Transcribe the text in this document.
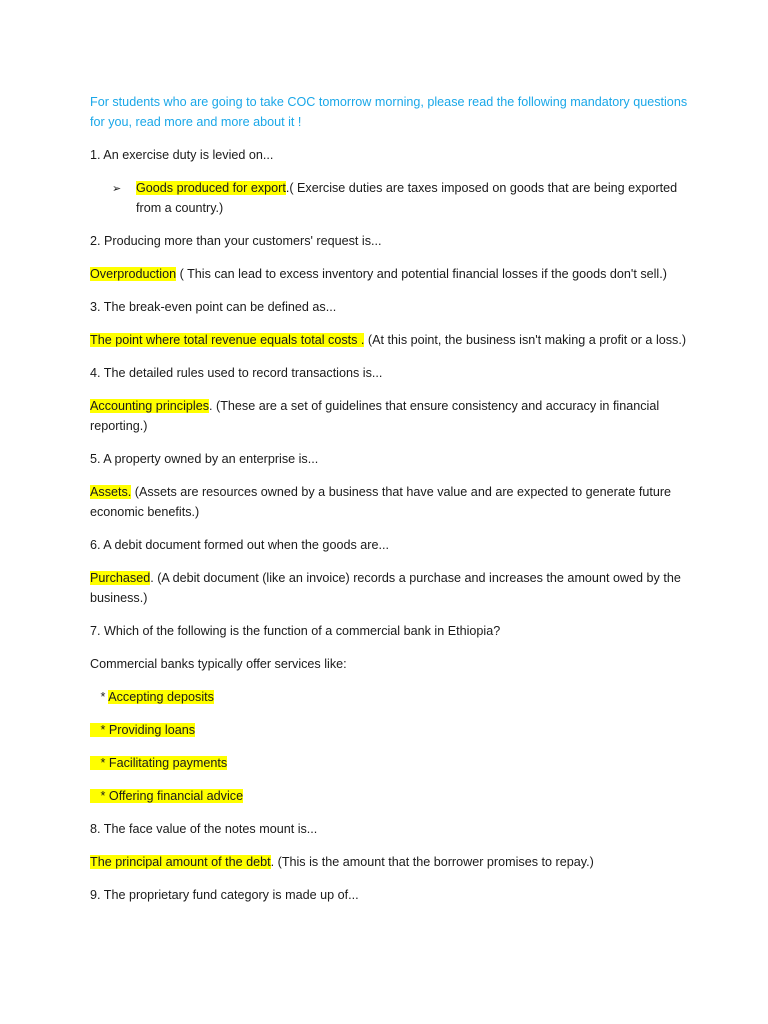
For students who are going to take COC tomorrow morning, please read the following mandatory questions for you, read more and more about it !

1. An exercise duty is levied on...

➢	Goods produced for export.( Exercise duties are taxes imposed on goods that are being exported from a country.)

2. Producing more than your customers' request is...

Overproduction ( This can lead to excess inventory and potential financial losses if the goods don't sell.)

3. The break-even point can be defined as...

The point where total revenue equals total costs . (At this point, the business isn't making a profit or a loss.)

4. The detailed rules used to record transactions is...

Accounting principles. (These are a set of guidelines that ensure consistency and accuracy in financial reporting.)

5. A property owned by an enterprise is...

Assets. (Assets are resources owned by a business that have value and are expected to generate future economic benefits.)

6. A debit document formed out when the goods are...

Purchased. (A debit document (like an invoice) records a purchase and increases the amount owed by the business.)

7. Which of the following is the function of a commercial bank in Ethiopia?

Commercial banks typically offer services like:

* Accepting deposits

* Providing loans

* Facilitating payments

* Offering financial advice

8. The face value of the notes mount is...

The principal amount of the debt. (This is the amount that the borrower promises to repay.)

9. The proprietary fund category is made up of...
